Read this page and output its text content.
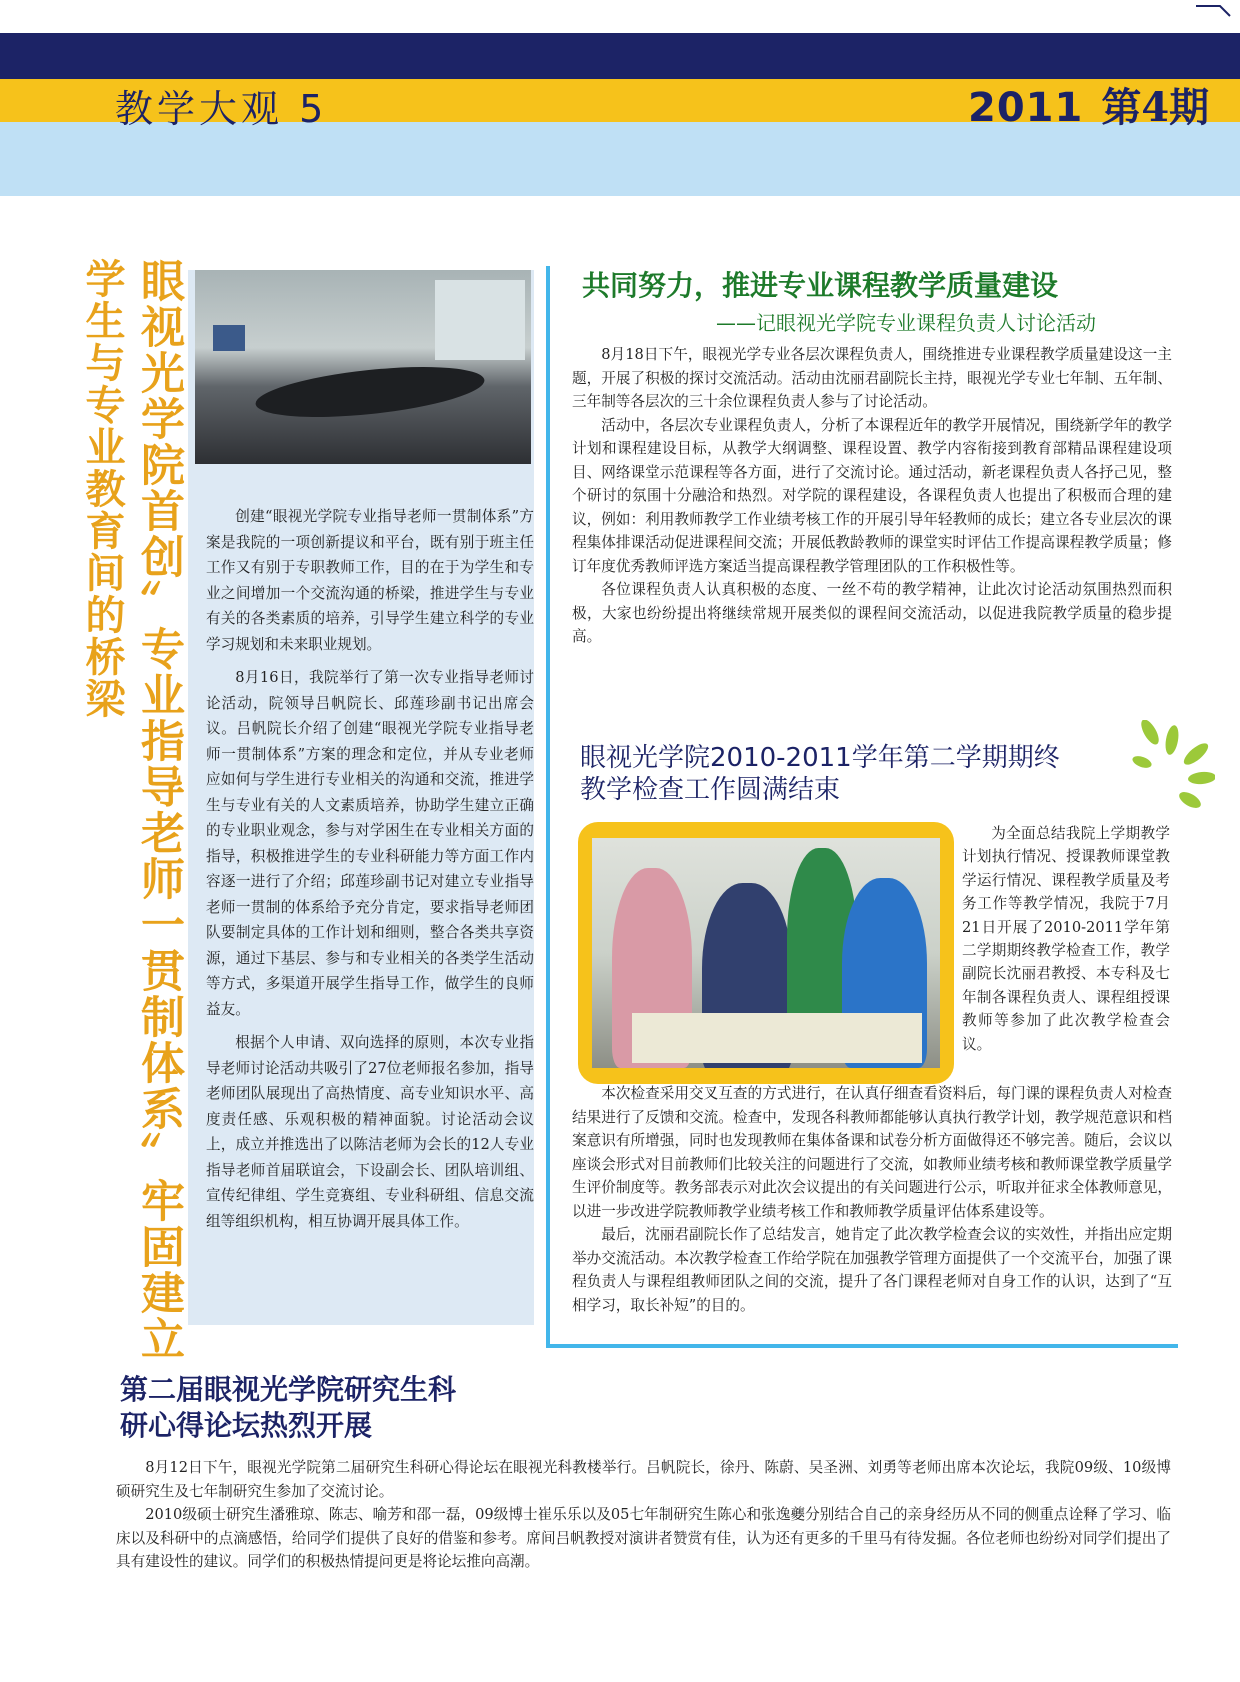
教学大观 5	2011 第4期
学生与专业教育间的桥梁 眼视光学院首创〞专业指导老师一贯制体系〞牢固建立	创建“眼视光学院专业指导老师一贯制体系”方案是我院的一项创新提议和平台，既有别于班主任工作又有别于专职教师工作，目的在于为学生和专业之间增加一个交流沟通的桥梁，推进学生与专业有关的各类素质的培养，引导学生建立科学的专业学习规划和未来职业规划。

8月16日，我院举行了第一次专业指导老师讨论活动，院领导吕帆院长、邱莲珍副书记出席会议。吕帆院长介绍了创建“眼视光学院专业指导老师一贯制体系”方案的理念和定位，并从专业老师应如何与学生进行专业相关的沟通和交流，推进学生与专业有关的人文素质培养，协助学生建立正确的专业职业观念，参与对学困生在专业相关方面的指导，积极推进学生的专业科研能力等方面工作内容逐一进行了介绍；邱莲珍副书记对建立专业指导老师一贯制的体系给予充分肯定，要求指导老师团队要制定具体的工作计划和细则，整合各类共享资源，通过下基层、参与和专业相关的各类学生活动等方式，多渠道开展学生指导工作，做学生的良师益友。

根据个人申请、双向选择的原则，本次专业指导老师讨论活动共吸引了27位老师报名参加，指导老师团队展现出了高热情度、高专业知识水平、高度责任感、乐观积极的精神面貌。讨论活动会议上，成立并推选出了以陈洁老师为会长的12人专业指导老师首届联谊会，下设副会长、团队培训组、宣传纪律组、学生竞赛组、专业科研组、信息交流组等组织机构，相互协调开展具体工作。

共同努力，推进专业课程教学质量建设
——记眼视光学院专业课程负责人讨论活动

8月18日下午，眼视光学专业各层次课程负责人，围绕推进专业课程教学质量建设这一主题，开展了积极的探讨交流活动。活动由沈丽君副院长主持，眼视光学专业七年制、五年制、三年制等各层次的三十余位课程负责人参与了讨论活动。

活动中，各层次专业课程负责人，分析了本课程近年的教学开展情况，围绕新学年的教学计划和课程建设目标，从教学大纲调整、课程设置、教学内容衔接到教育部精品课程建设项目、网络课堂示范课程等各方面，进行了交流讨论。通过活动，新老课程负责人各抒己见，整个研讨的氛围十分融洽和热烈。对学院的课程建设，各课程负责人也提出了积极而合理的建议，例如：利用教师教学工作业绩考核工作的开展引导年轻教师的成长；建立各专业层次的课程集体排课活动促进课程间交流；开展低教龄教师的课堂实时评估工作提高课程教学质量；修订年度优秀教师评选方案适当提高课程教学管理团队的工作积极性等。

各位课程负责人认真积极的态度、一丝不苟的教学精神，让此次讨论活动氛围热烈而积极，大家也纷纷提出将继续常规开展类似的课程间交流活动，以促进我院教学质量的稳步提高。

眼视光学院2010-2011学年第二学期期终
教学检查工作圆满结束

为全面总结我院上学期教学计划执行情况、授课教师课堂教学运行情况、课程教学质量及考务工作等教学情况，我院于7月21日开展了2010-2011学年第二学期期终教学检查工作，教学副院长沈丽君教授、本专科及七年制各课程负责人、课程组授课教师等参加了此次教学检查会议。

本次检查采用交叉互查的方式进行，在认真仔细查看资料后，每门课的课程负责人对检查结果进行了反馈和交流。检查中，发现各科教师都能够认真执行教学计划，教学规范意识和档案意识有所增强，同时也发现教师在集体备课和试卷分析方面做得还不够完善。随后，会议以座谈会形式对目前教师们比较关注的问题进行了交流，如教师业绩考核和教师课堂教学质量学生评价制度等。教务部表示对此次会议提出的有关问题进行公示，听取并征求全体教师意见，以进一步改进学院教师教学业绩考核工作和教师教学质量评估体系建设等。

最后，沈丽君副院长作了总结发言，她肯定了此次教学检查会议的实效性，并指出应定期举办交流活动。本次教学检查工作给学院在加强教学管理方面提供了一个交流平台，加强了课程负责人与课程组教师团队之间的交流，提升了各门课程老师对自身工作的认识，达到了“互相学习，取长补短”的目的。

第二届眼视光学院研究生科
研心得论坛热烈开展

8月12日下午，眼视光学院第二届研究生科研心得论坛在眼视光科教楼举行。吕帆院长，徐丹、陈蔚、吴圣洲、刘勇等老师出席本次论坛，我院09级、10级博硕研究生及七年制研究生参加了交流讨论。

2010级硕士研究生潘雅琼、陈志、喻芳和邵一磊，09级博士崔乐乐以及05七年制研究生陈心和张逸夔分别结合自己的亲身经历从不同的侧重点诠释了学习、临床以及科研中的点滴感悟，给同学们提供了良好的借鉴和参考。席间吕帆教授对演讲者赞赏有佳，认为还有更多的千里马有待发掘。各位老师也纷纷对同学们提出了具有建设性的建议。同学们的积极热情提问更是将论坛推向高潮。
